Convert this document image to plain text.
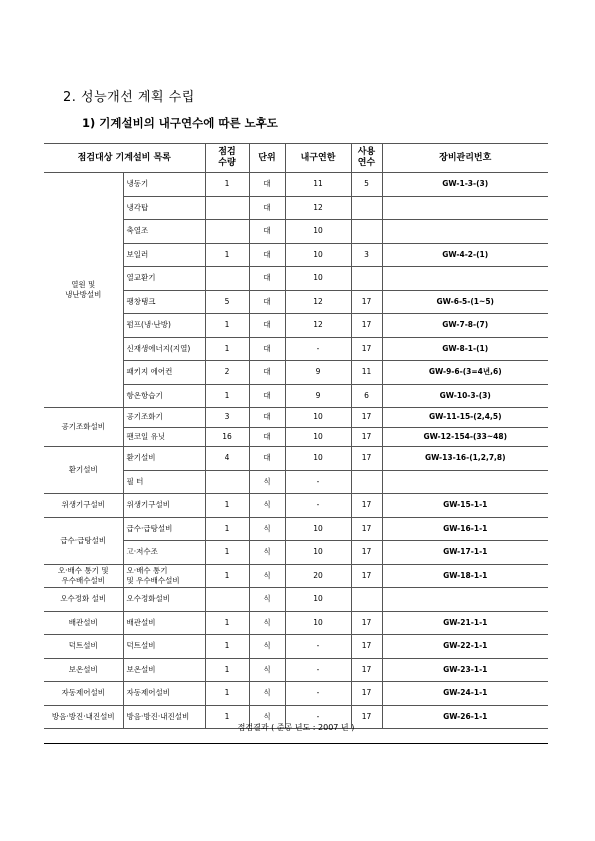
2. 성능개선 계획 수립
1) 기계설비의 내구연수에 따른 노후도
점검대상 기계설비 목록		점검
수량	단위	내구연한	사용
연수	장비관리번호
열원 및
냉난방설비	냉동기	1	대	11	5	GW-1-3-(3)
	냉각탑		대	12		
	축열조		대	10		
	보일러	1	대	10	3	GW-4-2-(1)
	열교환기		대	10		
	팽창탱크	5	대	12	17	GW-6-5-(1~5)
	펌프(냉·난방)	1	대	12	17	GW-7-8-(7)
	신재생에너지(지열)	1	대	-	17	GW-8-1-(1)
	패키지 에어컨	2	대	9	11	GW-9-6-(3=4년,6)
	항온항습기	1	대	9	6	GW-10-3-(3)
공기조화설비	공기조화기	3	대	10	17	GW-11-15-(2,4,5)
	팬코일 유닛	16	대	10	17	GW-12-154-(33~48)
환기설비	환기설비	4	대	10	17	GW-13-16-(1,2,7,8)
	필 터		식	-		
위생기구설비	위생기구설비	1	식	-	17	GW-15-1-1
급수·급탕설비	급수·급탕설비	1	식	10	17	GW-16-1-1
	고·저수조	1	식	10	17	GW-17-1-1
오·배수 통기 및
우수배수설비	오·배수 통기
및 우수배수설비	1	식	20	17	GW-18-1-1
오수정화 설비	오수정화설비		식	10		
배관설비	배관설비	1	식	10	17	GW-21-1-1
덕트설비	덕트설비	1	식	-	17	GW-22-1-1
보온설비	보온설비	1	식	-	17	GW-23-1-1
자동제어설비	자동제어설비	1	식	-	17	GW-24-1-1
방음·방진·내진설비	방음·방진·내진설비	1	식	-	17	GW-26-1-1
점검결과 ( 준공 년도 : 2007 년 )
